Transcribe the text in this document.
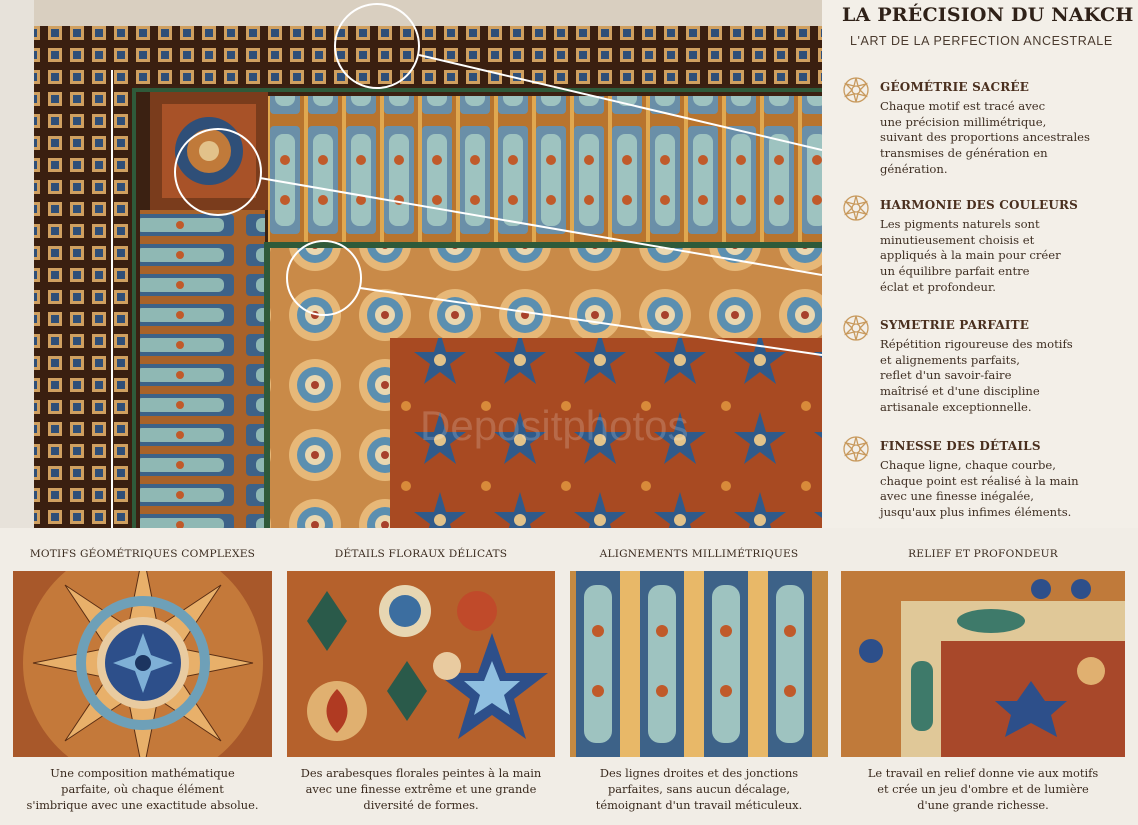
Depositphotos
LA PRÉCISION DU NAKCH
L'ART DE LA PERFECTION ANCESTRALE
GÉOMÉTRIE SACRÉE
Chaque motif est tracé avec
une précision millimétrique,
suivant des proportions ancestrales
transmises de génération en
génération.
HARMONIE DES COULEURS
Les pigments naturels sont
minutieusement choisis et
appliqués à la main pour créer
un équilibre parfait entre
éclat et profondeur.
SYMETRIE PARFAITE
Répétition rigoureuse des motifs
et alignements parfaits,
reflet d'un savoir-faire
maîtrisé et d'une discipline
artisanale exceptionnelle.
FINESSE DES DÉTAILS
Chaque ligne, chaque courbe,
chaque point est réalisé à la main
avec une finesse inégalée,
jusqu'aux plus infimes éléments.
MOTIFS GÉOMÉTRIQUES COMPLEXES
Une composition mathématique
parfaite, où chaque élément
s'imbrique avec une exactitude absolue.
DÉTAILS FLORAUX DÉLICATS
Des arabesques florales peintes à la main
avec une finesse extrême et une grande
diversité de formes.
ALIGNEMENTS MILLIMÉTRIQUES
Des lignes droites et des jonctions
parfaites, sans aucun décalage,
témoignant d'un travail méticuleux.
RELIEF ET PROFONDEUR
Le travail en relief donne vie aux motifs
et crée un jeu d'ombre et de lumière
d'une grande richesse.
